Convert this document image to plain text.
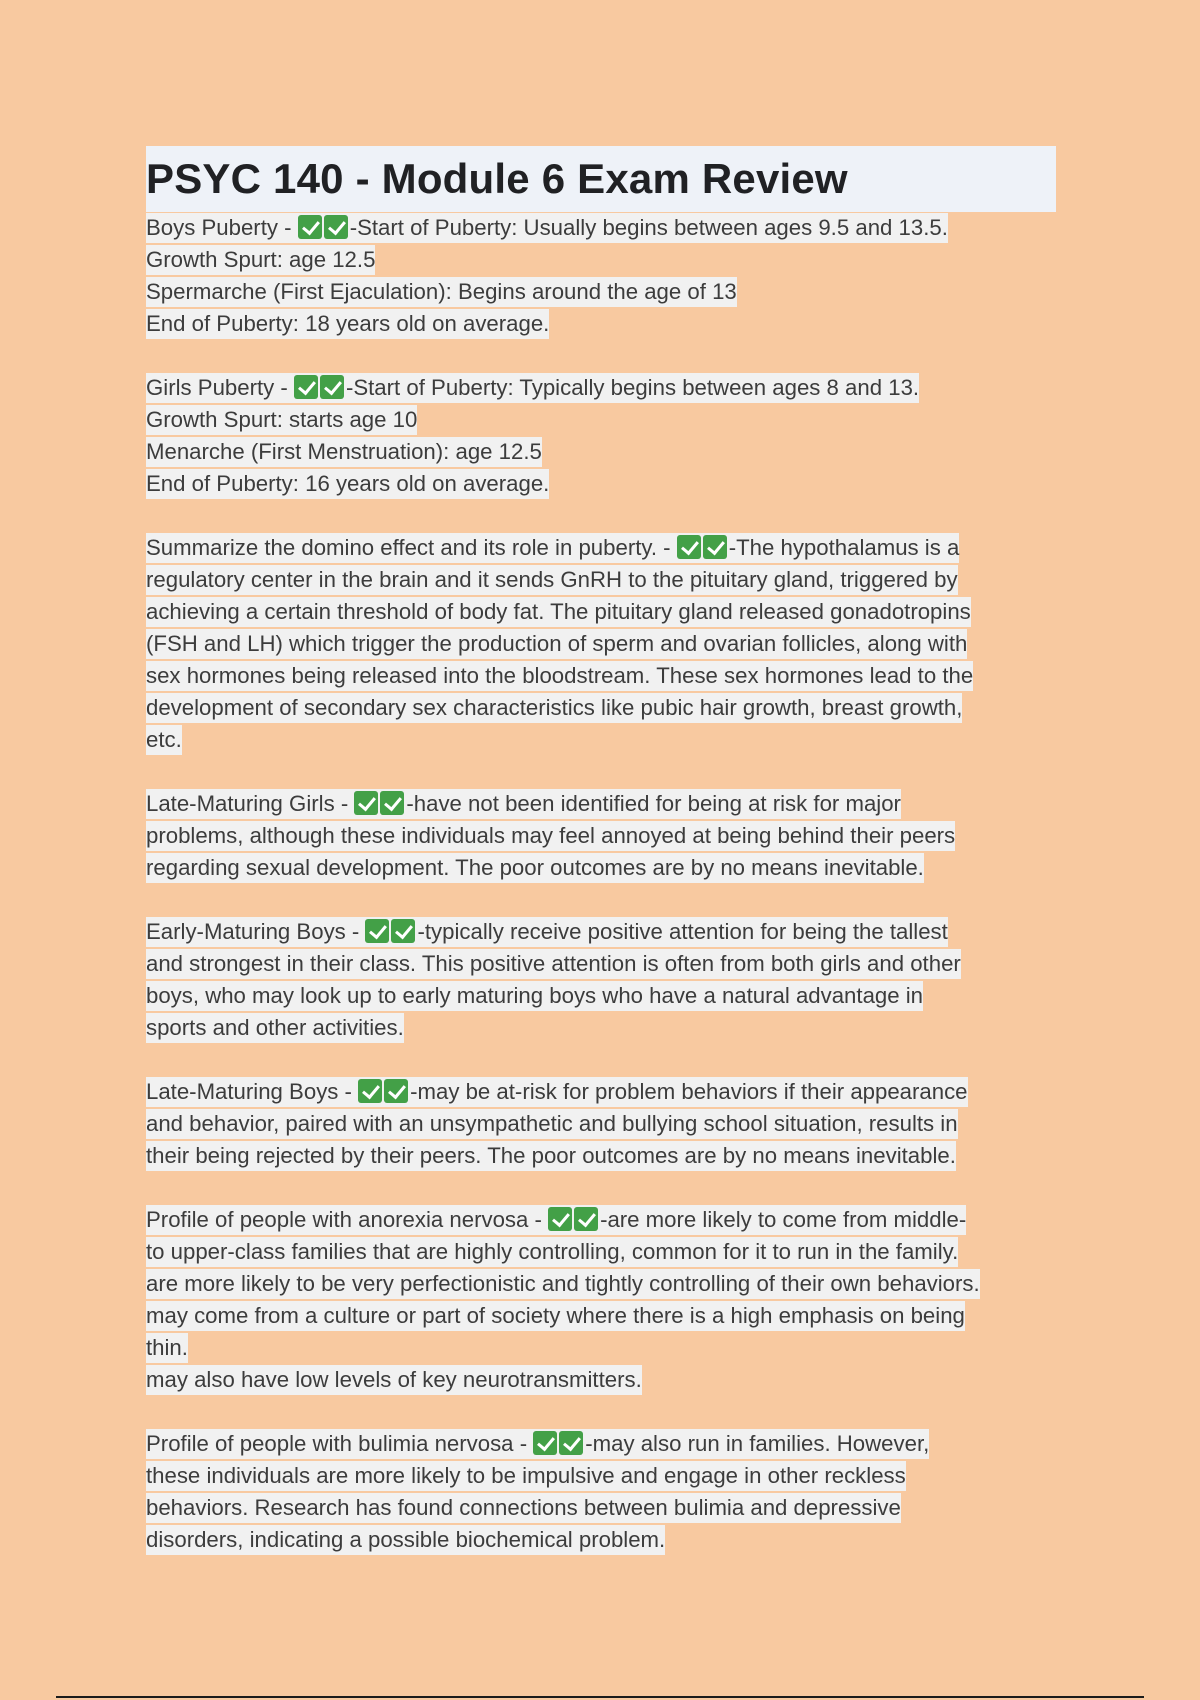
PSYC 140 - Module 6 Exam Review
Boys Puberty - -Start of Puberty: Usually begins between ages 9.5 and 13.5.
Growth Spurt: age 12.5
Spermarche (First Ejaculation): Begins around the age of 13
End of Puberty: 18 years old on average.
Girls Puberty - -Start of Puberty: Typically begins between ages 8 and 13.
Growth Spurt: starts age 10
Menarche (First Menstruation): age 12.5
End of Puberty: 16 years old on average.
Summarize the domino effect and its role in puberty. - -The hypothalamus is a
regulatory center in the brain and it sends GnRH to the pituitary gland, triggered by
achieving a certain threshold of body fat. The pituitary gland released gonadotropins
(FSH and LH) which trigger the production of sperm and ovarian follicles, along with
sex hormones being released into the bloodstream. These sex hormones lead to the
development of secondary sex characteristics like pubic hair growth, breast growth,
etc.
Late-Maturing Girls - -have not been identified for being at risk for major
problems, although these individuals may feel annoyed at being behind their peers
regarding sexual development. The poor outcomes are by no means inevitable.
Early-Maturing Boys - -typically receive positive attention for being the tallest
and strongest in their class. This positive attention is often from both girls and other
boys, who may look up to early maturing boys who have a natural advantage in
sports and other activities.
Late-Maturing Boys - -may be at-risk for problem behaviors if their appearance
and behavior, paired with an unsympathetic and bullying school situation, results in
their being rejected by their peers. The poor outcomes are by no means inevitable.
Profile of people with anorexia nervosa - -are more likely to come from middle-
to upper-class families that are highly controlling, common for it to run in the family.
are more likely to be very perfectionistic and tightly controlling of their own behaviors.
may come from a culture or part of society where there is a high emphasis on being
thin.
may also have low levels of key neurotransmitters.
Profile of people with bulimia nervosa - -may also run in families. However,
these individuals are more likely to be impulsive and engage in other reckless
behaviors. Research has found connections between bulimia and depressive
disorders, indicating a possible biochemical problem.
